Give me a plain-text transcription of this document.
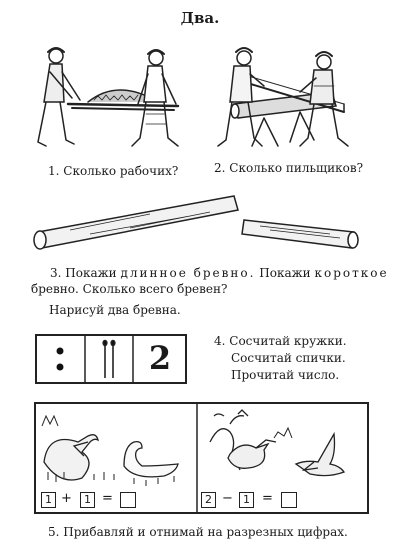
Два.
1. Сколько рабочих?	2. Сколько пильщиков?
3. Покажи длинное бревно. Покажи короткое
бревно. Сколько всего бревен?
Нарисуй два бревна.
2	4. Сосчитай кружки.
Сосчитай спички.
Прочитай число.
1 +	1 =	2 − 1 =
5. Прибавляй и отнимай на разрезных цифрах.
